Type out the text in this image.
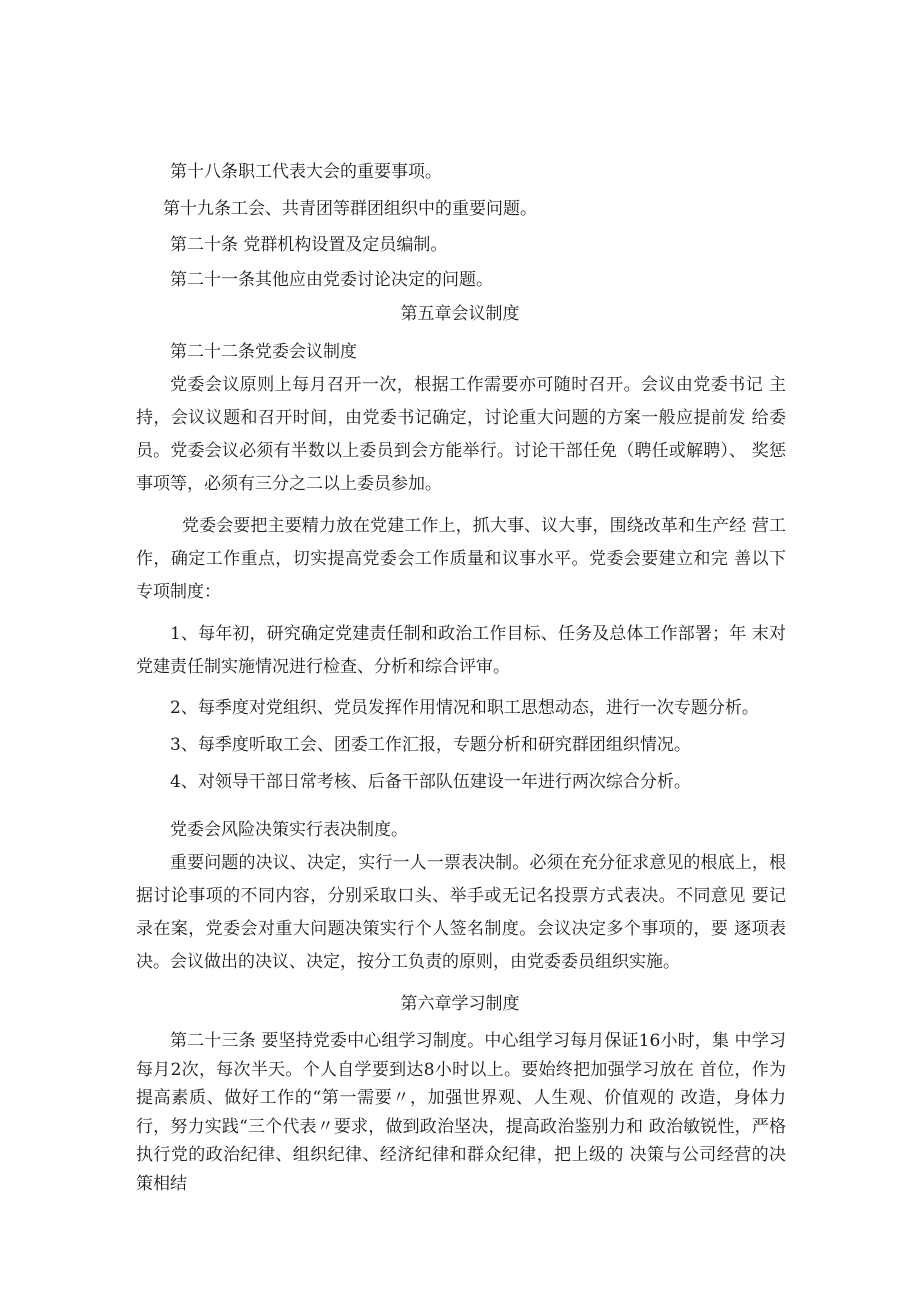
第十八条职工代表大会的重要事项。
第十九条工会、共青团等群团组织中的重要问题。
第二十条 党群机构设置及定员编制。
第二十一条其他应由党委讨论决定的问题。
第五章会议制度
第二十二条党委会议制度
党委会议原则上每月召开一次，根据工作需要亦可随时召开。会议由党委书记 主持，会议议题和召开时间，由党委书记确定，讨论重大问题的方案一般应提前发 给委员。党委会议必须有半数以上委员到会方能举行。讨论干部任免（聘任或解聘）、 奖惩事项等，必须有三分之二以上委员参加。
党委会要把主要精力放在党建工作上，抓大事、议大事，围绕改革和生产经 营工作，确定工作重点，切实提高党委会工作质量和议事水平。党委会要建立和完 善以下专项制度：
1、每年初，研究确定党建责任制和政治工作目标、任务及总体工作部署；年 末对党建责任制实施情况进行检查、分析和综合评审。
2、每季度对党组织、党员发挥作用情况和职工思想动态，进行一次专题分析。
3、每季度听取工会、团委工作汇报，专题分析和研究群团组织情况。
4、对领导干部日常考核、后备干部队伍建设一年进行两次综合分析。
党委会风险决策实行表决制度。
重要问题的决议、决定，实行一人一票表决制。必须在充分征求意见的根底上，根据讨论事项的不同内容，分别采取口头、举手或无记名投票方式表决。不同意见 要记录在案，党委会对重大问题决策实行个人签名制度。会议决定多个事项的，要 逐项表决。会议做出的决议、决定，按分工负责的原则，由党委委员组织实施。
第六章学习制度
第二十三条 要坚持党委中心组学习制度。中心组学习每月保证16小时，集 中学习每月2次，每次半天。个人自学要到达8小时以上。要始终把加强学习放在 首位，作为提高素质、做好工作的“第一需要〃，加强世界观、人生观、价值观的 改造，身体力行，努力实践“三个代表〃要求，做到政治坚决，提高政治鉴别力和 政治敏锐性，严格执行党的政治纪律、组织纪律、经济纪律和群众纪律，把上级的 决策与公司经营的决策相结
